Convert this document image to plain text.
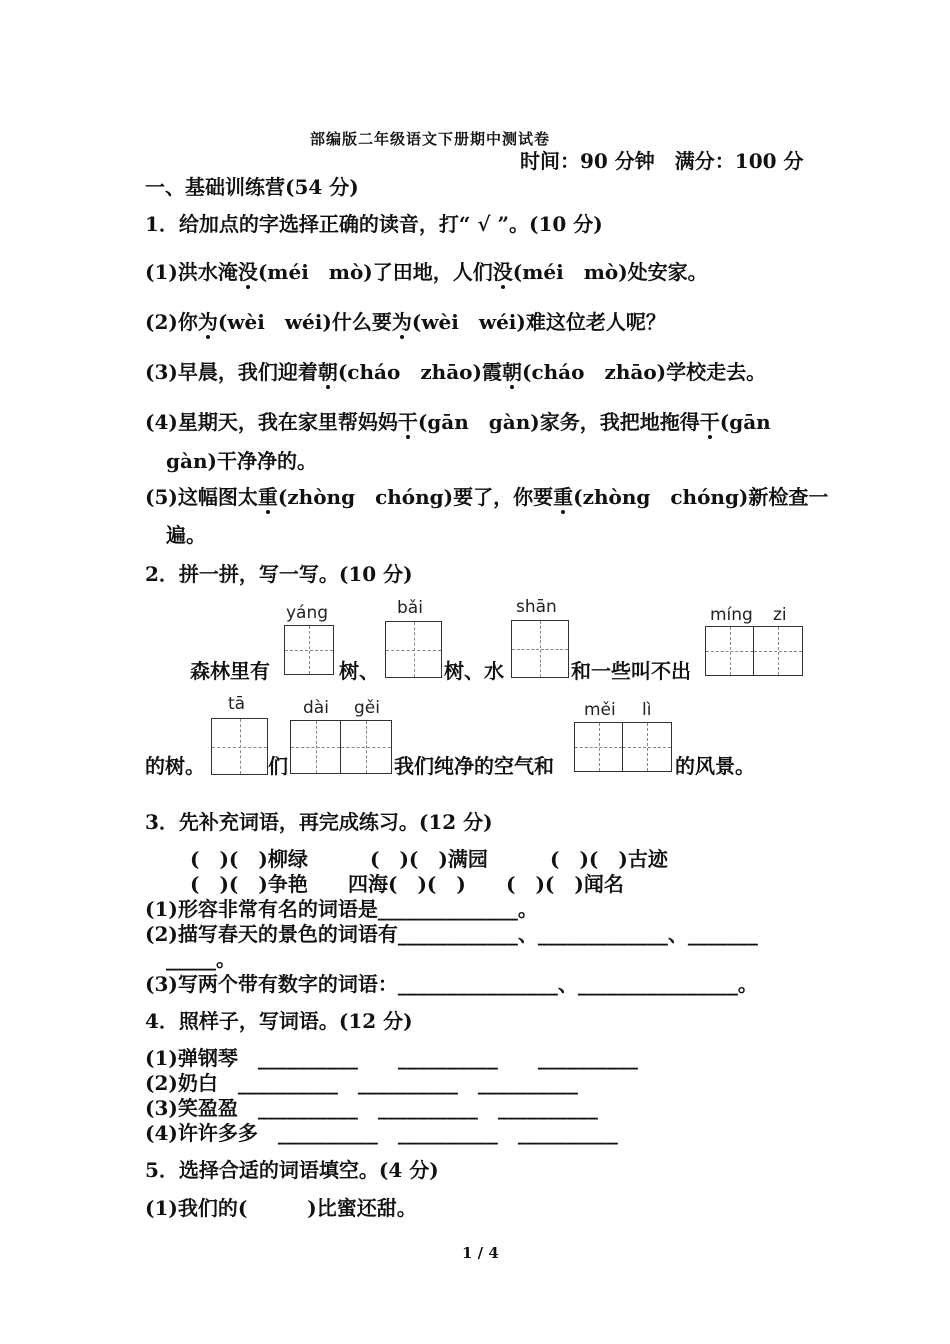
部编版二年级语文下册期中测试卷
时间：90 分钟　满分：100 分
一、基础训练营(54 分)
1．给加点的字选择正确的读音，打“ √ ”。(10 分)
(1)洪水淹没(méi　mò)了田地，人们没(méi　mò)处安家。
(2)你为(wèi　wéi)什么要为(wèi　wéi)难这位老人呢？
(3)早晨，我们迎着朝(cháo　zhāo)霞朝(cháo　zhāo)学校走去。
(4)星期天，我在家里帮妈妈干(gān　gàn)家务，我把地拖得干(gān
gàn)干净净的。
(5)这幅图太重(zhòng　chóng)要了，你要重(zhòng　chóng)新检查一
遍。
2．拼一拼，写一写。(10 分)
yáng	bǎi	shān	míng zi
森林里有	树、	树、水	和一些叫不出
tā	dài gěi	měi lì
的树。	们	我们纯净的空气和	的风景。
3．先补充词语，再完成练习。(12 分)
(　)(　)柳绿	(　)(　)满园	(　)(　)古迹
(　)(　)争艳 四海(　)(　) (　)(　)闻名
(1)形容非常有名的词语是______________。
(2)描写春天的景色的词语有____________、_____________、_______
_____。
(3)写两个带有数字的词语：________________、________________。
4．照样子，写词语。(12 分)
(1)弹钢琴　__________　　__________　　__________
(2)奶白　__________　__________　__________
(3)笑盈盈　__________　__________　__________
(4)许许多多　__________　__________　__________
5．选择合适的词语填空。(4 分)
(1)我们的(　　　)比蜜还甜。
1 / 4
